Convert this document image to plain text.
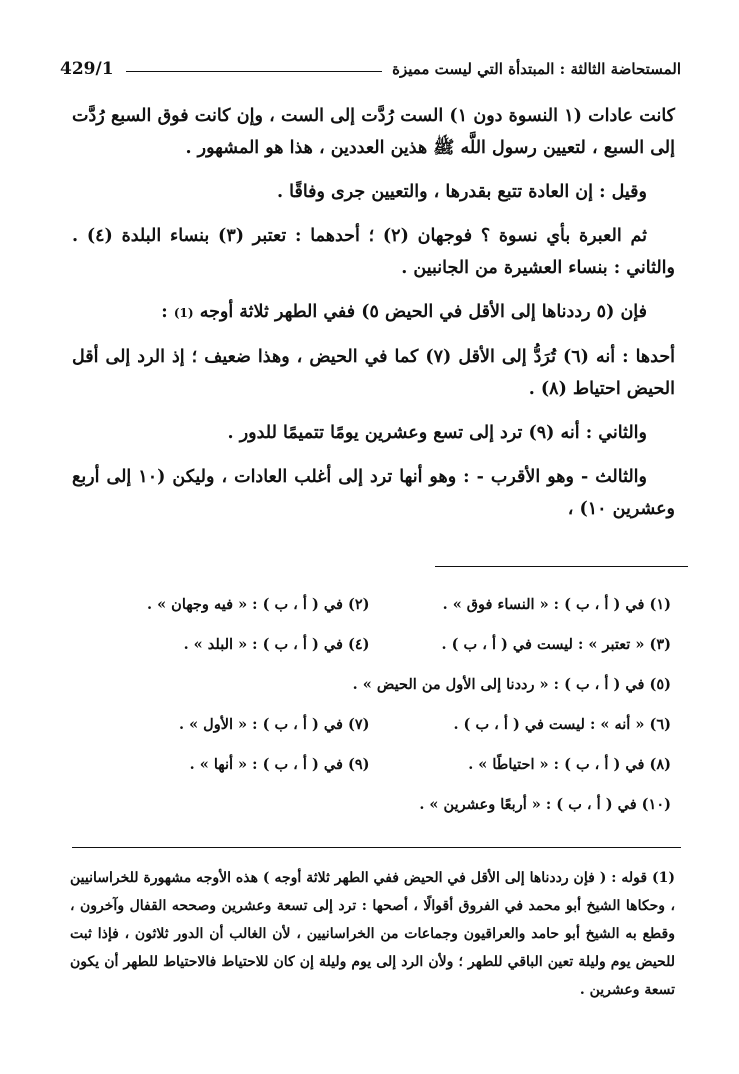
المستحاضة الثالثة : المبتدأة التي ليست مميزة
429/1

كانت عادات (١ النسوة دون ١) الست رُدَّت إلى الست ، وإن كانت فوق السبع رُدَّت إلى السبع ، لتعيين رسول اللَّه ﷺ هذين العددين ، هذا هو المشهور .

وقيل : إن العادة تتبع بقدرها ، والتعيين جرى وفاقًا .

ثم العبرة بأي نسوة ؟ فوجهان (٢) ؛ أحدهما : تعتبر (٣) بنساء البلدة (٤) . والثاني : بنساء العشيرة من الجانبين .

فإن (٥ رددناها إلى الأقل في الحيض ٥) ففي الطهر ثلاثة أوجه (1) :

أحدها : أنه (٦) تُرَدُّ إلى الأقل (٧) كما في الحيض ، وهذا ضعيف ؛ إذ الرد إلى أقل الحيض احتياط (٨) .

والثاني : أنه (٩) ترد إلى تسع وعشرين يومًا تتميمًا للدور .

والثالث - وهو الأقرب - : وهو أنها ترد إلى أغلب العادات ، وليكن (١٠ إلى أربع وعشرين ١٠) ،

(١) في ( أ ، ب ) : « النساء فوق » .
(٢) في ( أ ، ب ) : « فيه وجهان » .
(٣) « تعتبر » : ليست في ( أ ، ب ) .
(٤) في ( أ ، ب ) : « البلد » .
(٥) في ( أ ، ب ) : « رددنا إلى الأول من الحيض » .
(٦) « أنه » : ليست في ( أ ، ب ) .
(٧) في ( أ ، ب ) : « الأول » .
(٨) في ( أ ، ب ) : « احتياطًا » .
(٩) في ( أ ، ب ) : « أنها » .
(١٠) في ( أ ، ب ) : « أربعًا وعشرين » .
(1) قوله : ( فإن رددناها إلى الأقل في الحيض ففي الطهر ثلاثة أوجه ) هذه الأوجه مشهورة للخراسانيين ، وحكاها الشيخ أبو محمد في الفروق أقوالًا ، أصحها : ترد إلى تسعة وعشرين وصححه القفال وآخرون ، وقطع به الشيخ أبو حامد والعراقيون وجماعات من الخراسانيين ، لأن الغالب أن الدور ثلاثون ، فإذا ثبت للحيض يوم وليلة تعين الباقي للطهر ؛ ولأن الرد إلى يوم وليلة إن كان للاحتياط فالاحتياط للطهر أن يكون تسعة وعشرين .
